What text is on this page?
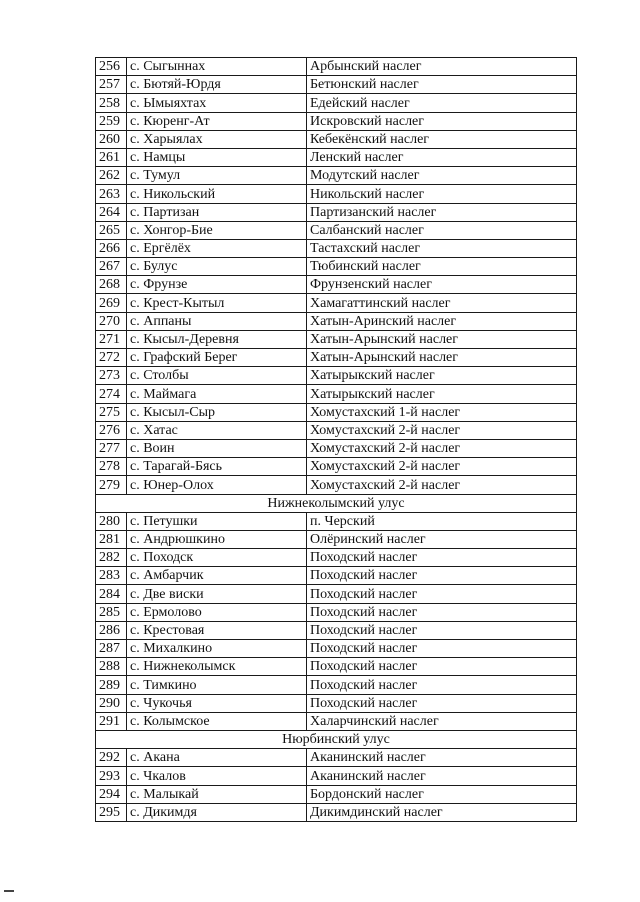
256	с. Сыгыннах	Арбынский наслег
257	с. Бютяй-Юрдя	Бетюнский наслег
258	с. Ымыяхтах	Едейский наслег
259	с. Кюренг-Ат	Искровский наслег
260	с. Харыялах	Кебекёнский наслег
261	с. Намцы	Ленский наслег
262	с. Тумул	Модутский наслег
263	с. Никольский	Никольский наслег
264	с. Партизан	Партизанский наслег
265	с. Хонгор-Бие	Салбанский наслег
266	с. Ергёлёх	Тастахский наслег
267	с. Булус	Тюбинский наслег
268	с. Фрунзе	Фрунзенский наслег
269	с. Крест-Кытыл	Хамагаттинский наслег
270	с. Аппаны	Хатын-Аринский наслег
271	с. Кысыл-Деревня	Хатын-Арынский наслег
272	с. Графский Берег	Хатын-Арынский наслег
273	с. Столбы	Хатырыкский наслег
274	с. Маймага	Хатырыкский наслег
275	с. Кысыл-Сыр	Хомустахский 1-й наслег
276	с. Хатас	Хомустахский 2-й наслег
277	с. Воин	Хомустахский 2-й наслег
278	с. Тарагай-Бясь	Хомустахский 2-й наслег
279	с. Юнер-Олох	Хомустахский 2-й наслег
Нижнеколымский улус		
280	с. Петушки	п. Черский
281	с. Андрюшкино	Олёринский наслег
282	с. Походск	Походский наслег
283	с. Амбарчик	Походский наслег
284	с. Две виски	Походский наслег
285	с. Ермолово	Походский наслег
286	с. Крестовая	Походский наслег
287	с. Михалкино	Походский наслег
288	с. Нижнеколымск	Походский наслег
289	с. Тимкино	Походский наслег
290	с. Чукочья	Походский наслег
291	с. Колымское	Халарчинский наслег
Нюрбинский улус		
292	с. Акана	Аканинский наслег
293	с. Чкалов	Аканинский наслег
294	с. Малыкай	Бордонский наслег
295	с. Дикимдя	Дикимдинский наслег
